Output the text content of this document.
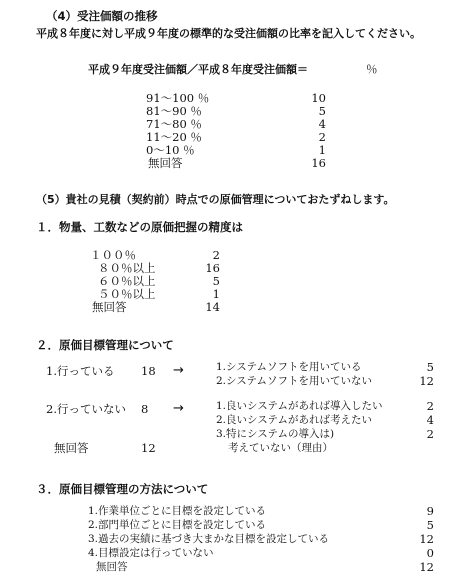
（4）受注価額の推移
平成８年度に対し平成９年度の標準的な受注価額の比率を記入してください。
平成９年度受注価額／平成８年度受注価額＝	％
91〜100 ％	10
81〜90 ％	5
71〜80 ％	4
11〜20 ％	2
0〜10 ％	1
無回答	16
（5）貴社の見積（契約前）時点での原価管理についておたずねします。
１．物量、工数などの原価把握の精度は
１００％	2
８０％以上	16
６０％以上	5
５０％以上	1
無回答	14
２．原価目標管理について
1.行っている 18 →	1.システムソフトを用いている	5
2.システムソフトを用いていない	12
2.行っていない 8 →	1.良いシステムがあれば導入したい	2
2.良いシステムがあれば考えたい	4
3.特にシステムの導入は)	2
考えていない（理由）
無回答	12
３．原価目標管理の方法について
1.作業単位ごとに目標を設定している	9
2.部門単位ごとに目標を設定している	5
3.過去の実績に基づき大まかな目標を設定している	12
4.目標設定は行っていない	0
無回答	12
